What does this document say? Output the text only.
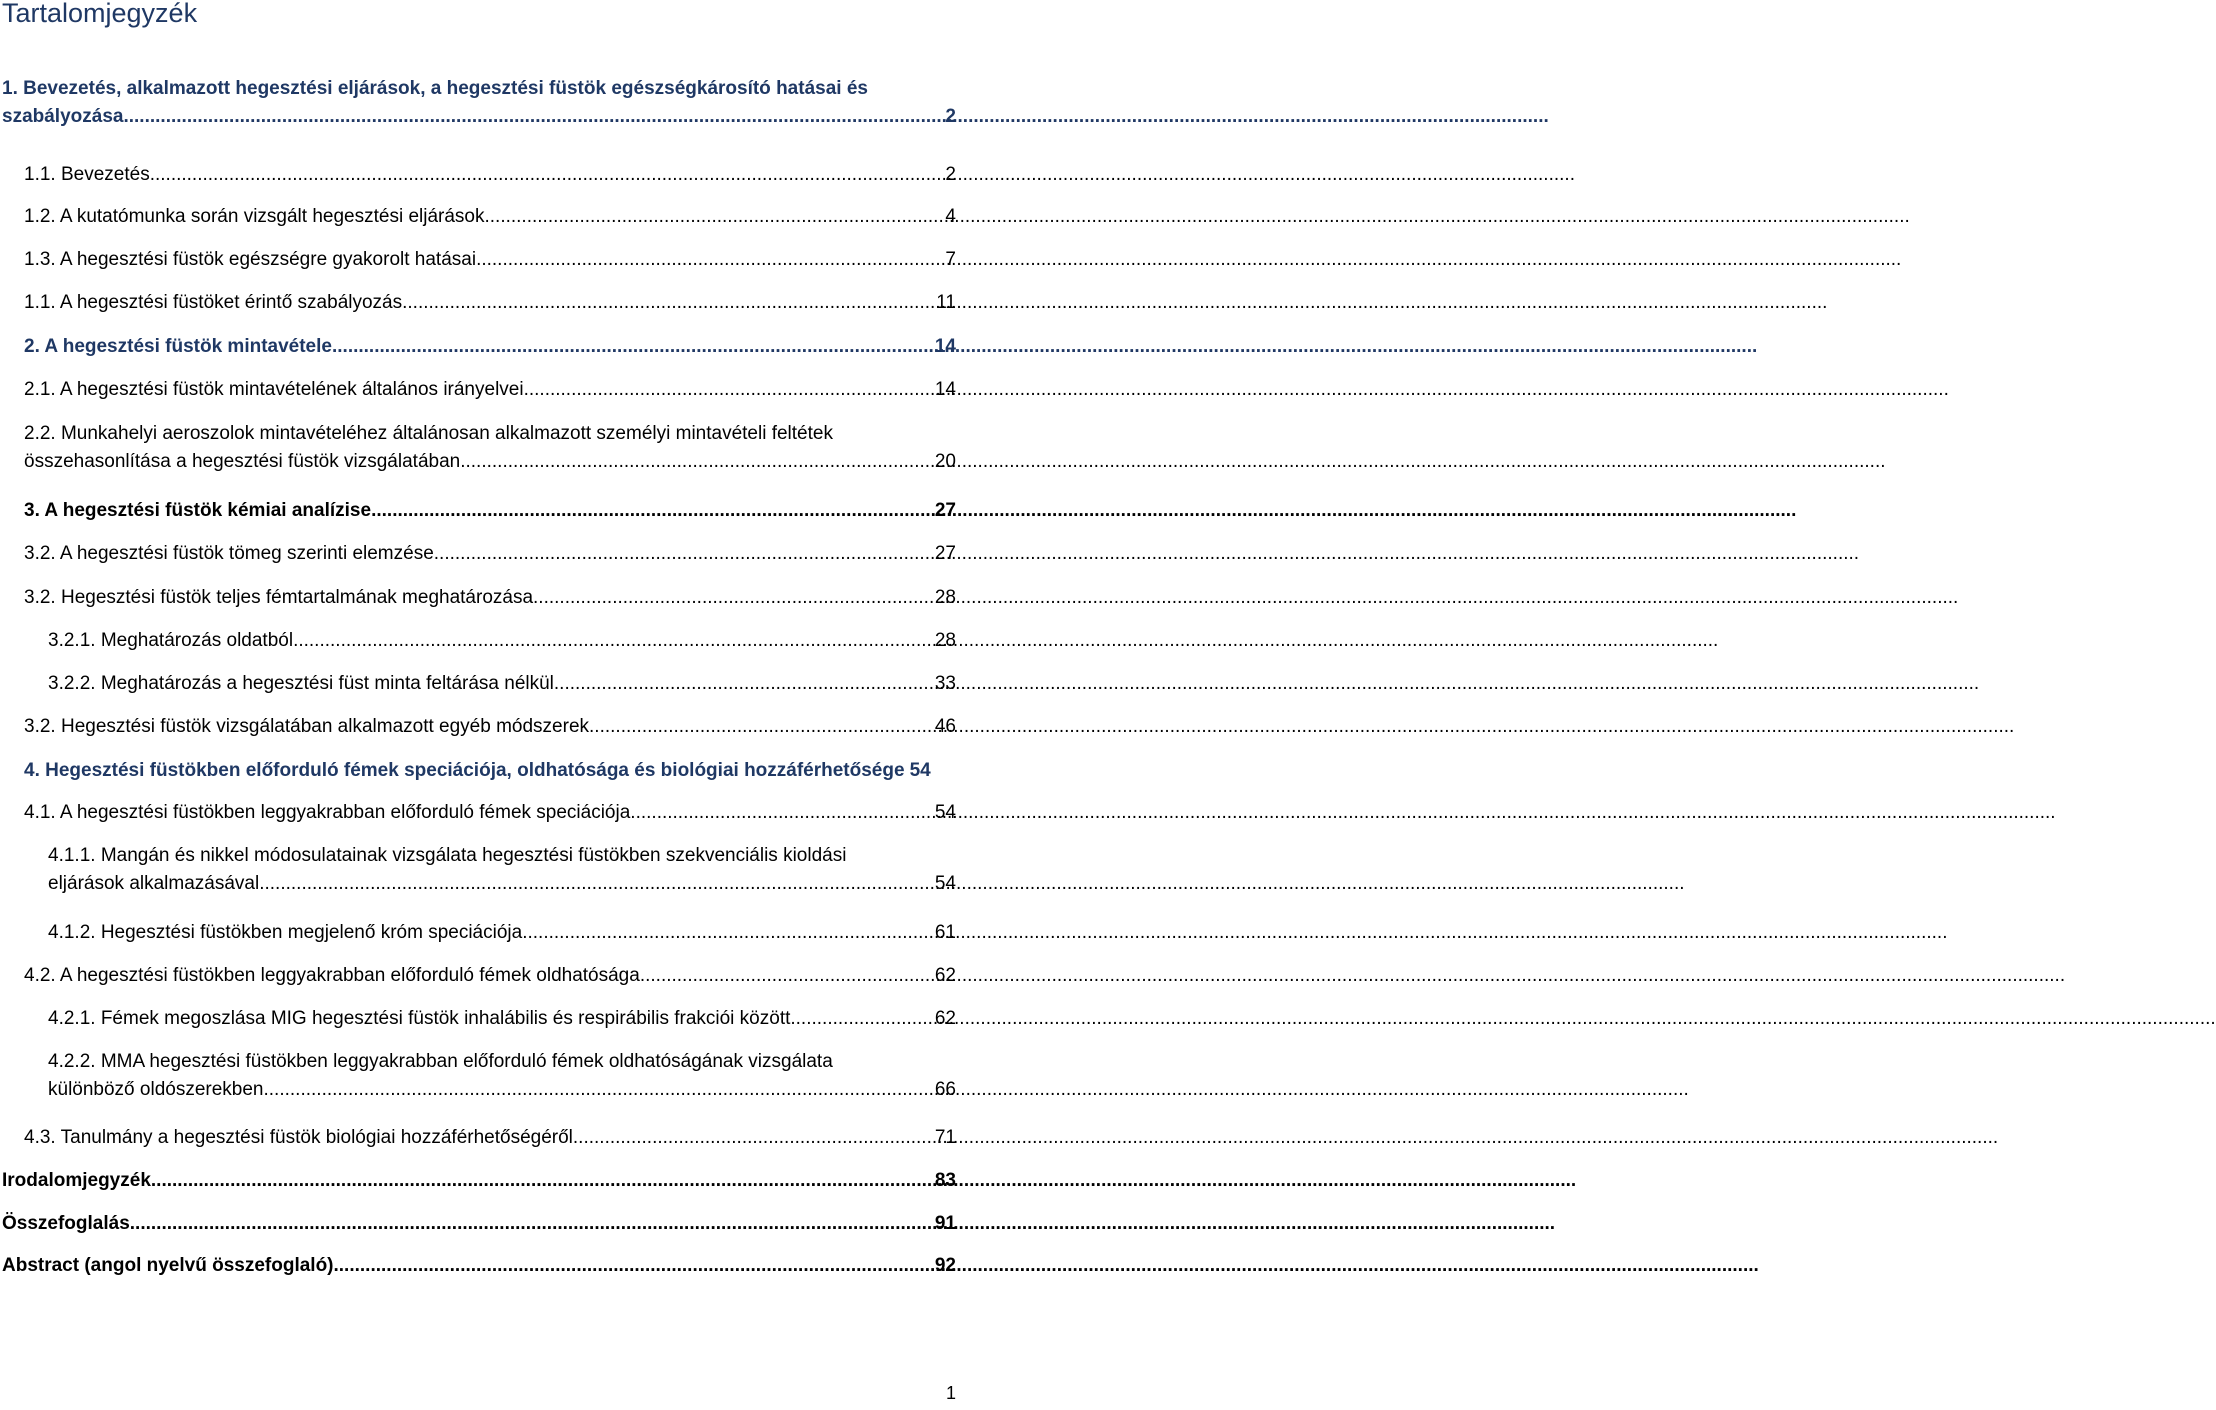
Tartalomjegyzék
1. Bevezetés, alkalmazott hegesztési eljárások, a hegesztési füstök egészségkárosító hatásai és
szabályozása .....	2
1.1. Bevezetés .....	2
1.2. A kutatómunka során vizsgált hegesztési eljárások .....	4
1.3. A hegesztési füstök egészségre gyakorolt hatásai .....	7
1.1. A hegesztési füstöket érintő szabályozás .....	11
2. A hegesztési füstök mintavétele .....	14
2.1. A hegesztési füstök mintavételének általános irányelvei .....	14
2.2. Munkahelyi aeroszolok mintavételéhez általánosan alkalmazott személyi mintavételi feltétek
összehasonlítása a hegesztési füstök vizsgálatában .....	20
3. A hegesztési füstök kémiai analízise .....	27
3.2. A hegesztési füstök tömeg szerinti elemzése .....	27
3.2. Hegesztési füstök teljes fémtartalmának meghatározása .....	28
3.2.1. Meghatározás oldatból .....	28
3.2.2. Meghatározás a hegesztési füst minta feltárása nélkül .....	33
3.2. Hegesztési füstök vizsgálatában alkalmazott egyéb módszerek .....	46
4. Hegesztési füstökben előforduló fémek speciációja, oldhatósága és biológiai hozzáférhetősége 54
4.1. A hegesztési füstökben leggyakrabban előforduló fémek speciációja .....	54
4.1.1. Mangán és nikkel módosulatainak vizsgálata hegesztési füstökben szekvenciális kioldási
eljárások alkalmazásával .....	54
4.1.2. Hegesztési füstökben megjelenő króm speciációja .....	61
4.2. A hegesztési füstökben leggyakrabban előforduló fémek oldhatósága .....	62
4.2.1. Fémek megoszlása MIG hegesztési füstök inhalábilis és respirábilis frakciói között .....	62
4.2.2. MMA hegesztési füstökben leggyakrabban előforduló fémek oldhatóságának vizsgálata
különböző oldószerekben .....	66
4.3. Tanulmány a hegesztési füstök biológiai hozzáférhetőségéről .....	71
Irodalomjegyzék .....	83
Összefoglalás .....	91
Abstract (angol nyelvű összefoglaló) .....	92
1
